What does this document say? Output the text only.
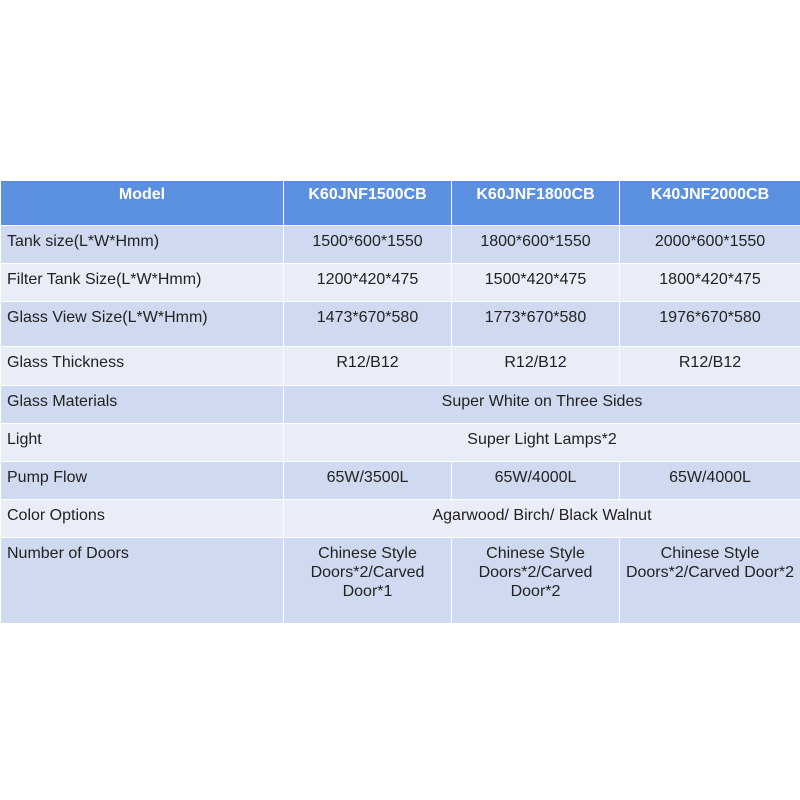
Model	K60JNF1500CB	K60JNF1800CB	K40JNF2000CB
Tank size(L*W*Hmm)	1500*600*1550	1800*600*1550	2000*600*1550
Filter Tank Size(L*W*Hmm)	1200*420*475	1500*420*475	1800*420*475
Glass View Size(L*W*Hmm)	1473*670*580	1773*670*580	1976*670*580
Glass Thickness	R12/B12	R12/B12	R12/B12
Glass Materials	Super White on Three Sides		
Light	Super Light Lamps*2		
Pump Flow	65W/3500L	65W/4000L	65W/4000L
Color Options	Agarwood/ Birch/ Black Walnut		
Number of Doors	Chinese Style Doors*2/Carved Door*1	Chinese Style Doors*2/Carved Door*2	Chinese Style Doors*2/Carved Door*2
